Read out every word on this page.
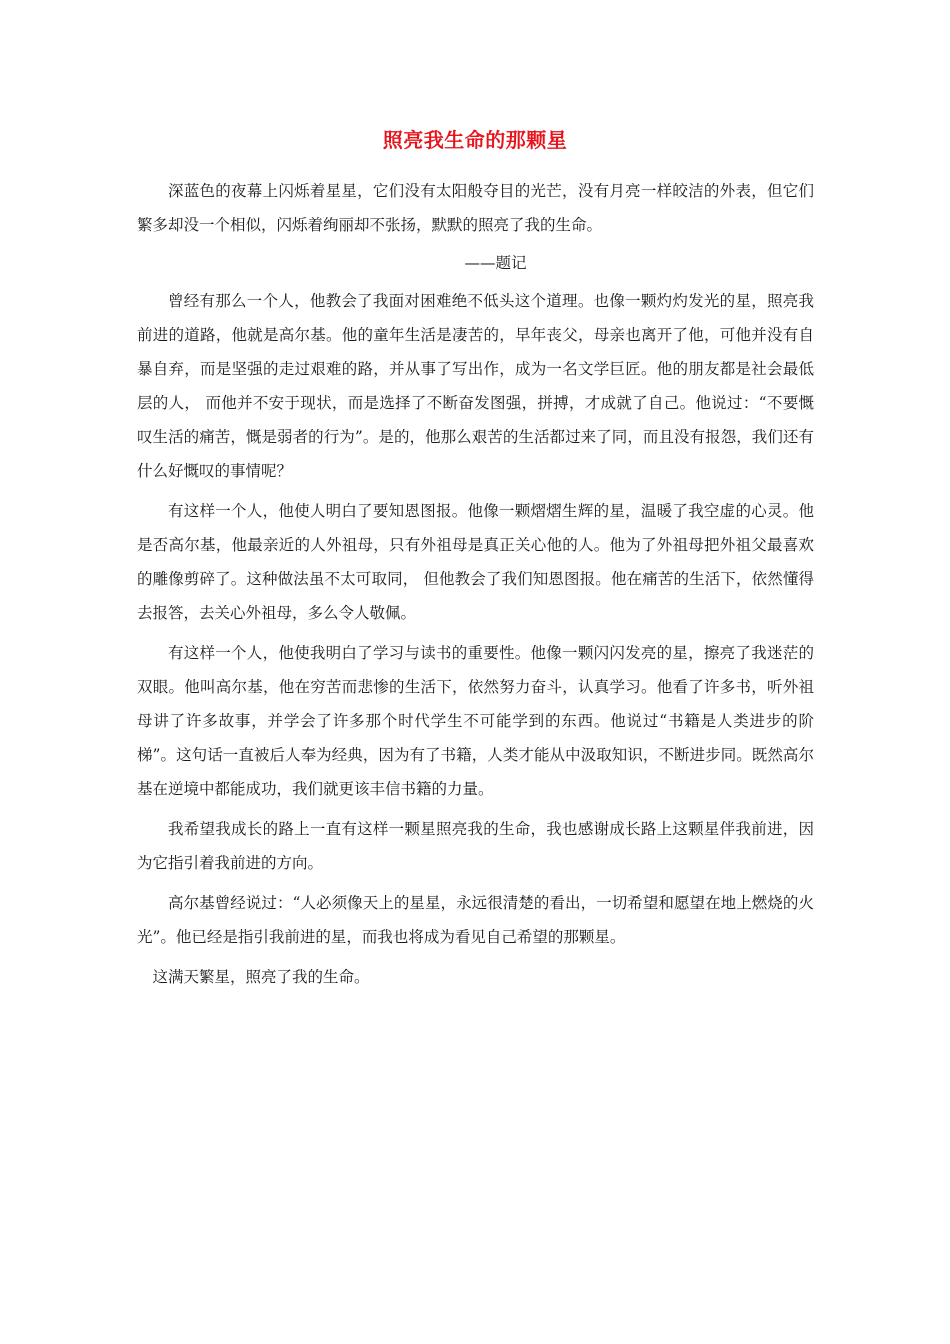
照亮我生命的那颗星

深蓝色的夜幕上闪烁着星星，它们没有太阳般夺目的光芒，没有月亮一样皎洁的外表，但它们繁多却没一个相似，闪烁着绚丽却不张扬，默默的照亮了我的生命。

——题记

曾经有那么一个人，他教会了我面对困难绝不低头这个道理。也像一颗灼灼发光的星，照亮我前进的道路，他就是高尔基。他的童年生活是凄苦的，早年丧父，母亲也离开了他，可他并没有自暴自弃，而是坚强的走过艰难的路，并从事了写出作，成为一名文学巨匠。他的朋友都是社会最低层的人， 而他并不安于现状，而是选择了不断奋发图强，拼搏，才成就了自己。他说过：“不要慨叹生活的痛苦，慨是弱者的行为”。是的，他那么艰苦的生活都过来了同，而且没有报怨，我们还有什么好慨叹的事情呢？

有这样一个人，他使人明白了要知恩图报。他像一颗熠熠生辉的星，温暖了我空虚的心灵。他是否高尔基，他最亲近的人外祖母，只有外祖母是真正关心他的人。他为了外祖母把外祖父最喜欢的雕像剪碎了。这种做法虽不太可取同， 但他教会了我们知恩图报。他在痛苦的生活下，依然懂得去报答，去关心外祖母，多么令人敬佩。

有这样一个人，他使我明白了学习与读书的重要性。他像一颗闪闪发亮的星，擦亮了我迷茫的双眼。他叫高尔基，他在穷苦而悲惨的生活下，依然努力奋斗，认真学习。他看了许多书，听外祖母讲了许多故事，并学会了许多那个时代学生不可能学到的东西。他说过“书籍是人类进步的阶梯”。这句话一直被后人奉为经典，因为有了书籍，人类才能从中汲取知识，不断进步同。既然高尔基在逆境中都能成功，我们就更该丰信书籍的力量。

我希望我成长的路上一直有这样一颗星照亮我的生命，我也感谢成长路上这颗星伴我前进，因为它指引着我前进的方向。

高尔基曾经说过：“人必须像天上的星星，永远很清楚的看出，一切希望和愿望在地上燃烧的火光”。他已经是指引我前进的星，而我也将成为看见自己希望的那颗星。

这满天繁星，照亮了我的生命。
